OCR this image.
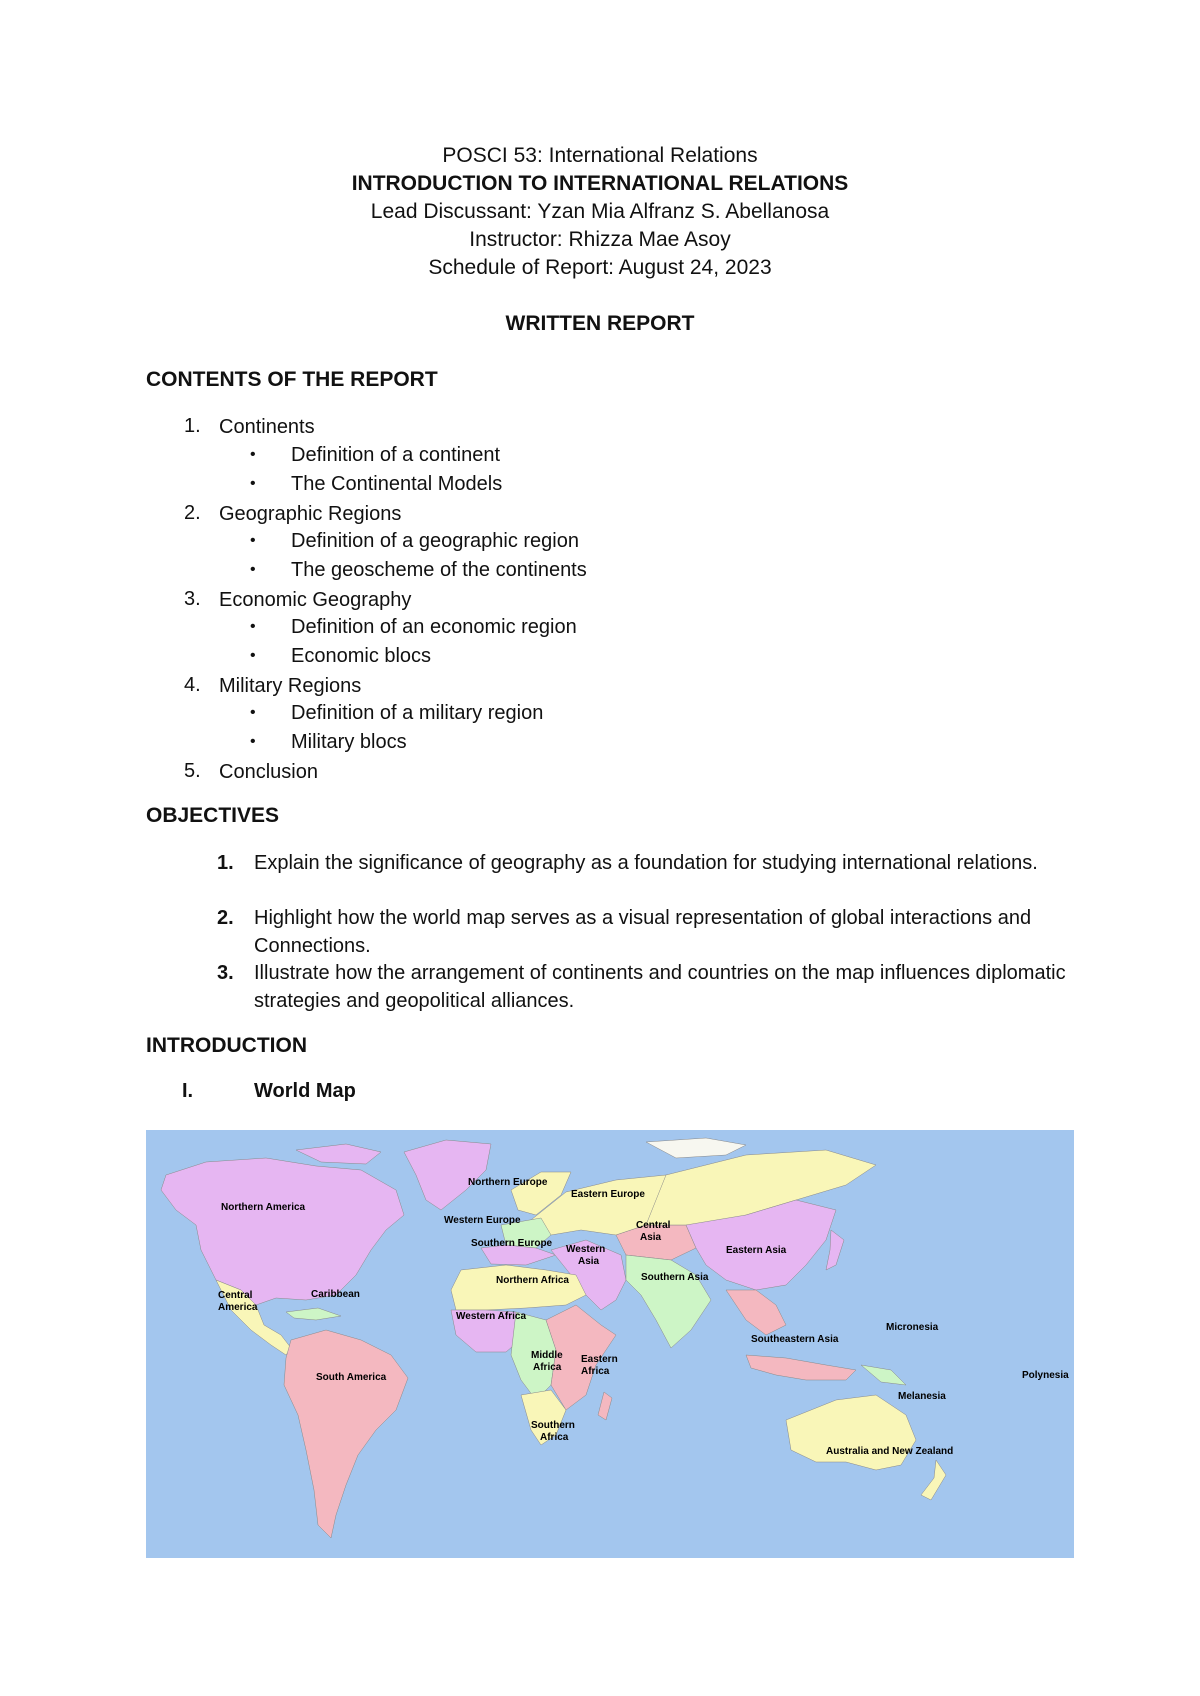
POSCI 53: International Relations
INTRODUCTION TO INTERNATIONAL RELATIONS
Lead Discussant: Yzan Mia Alfranz S. Abellanosa
Instructor: Rhizza Mae Asoy
Schedule of Report: August 24, 2023
WRITTEN REPORT
CONTENTS OF THE REPORT
1. Continents
• Definition of a continent
• The Continental Models
2. Geographic Regions
• Definition of a geographic region
• The geoscheme of the continents
3. Economic Geography
• Definition of an economic region
• Economic blocs
4. Military Regions
• Definition of a military region
• Military blocs
5. Conclusion
OBJECTIVES
1. Explain the significance of geography as a foundation for studying international relations.
2. Highlight how the world map serves as a visual representation of global interactions and Connections.
3. Illustrate how the arrangement of continents and countries on the map influences diplomatic strategies and geopolitical alliances.
INTRODUCTION
I.	World Map
Northern America
Central
America
Caribbean
South America
Northern Europe
Eastern Europe
Western Europe
Southern Europe
Central
Asia
Western
Asia
Eastern Asia
Southern Asia
Northern Africa
Western Africa
Middle
Africa
Eastern
Africa
Southern
Africa
Southeastern Asia
Micronesia
Polynesia
Melanesia
Australia and New Zealand
